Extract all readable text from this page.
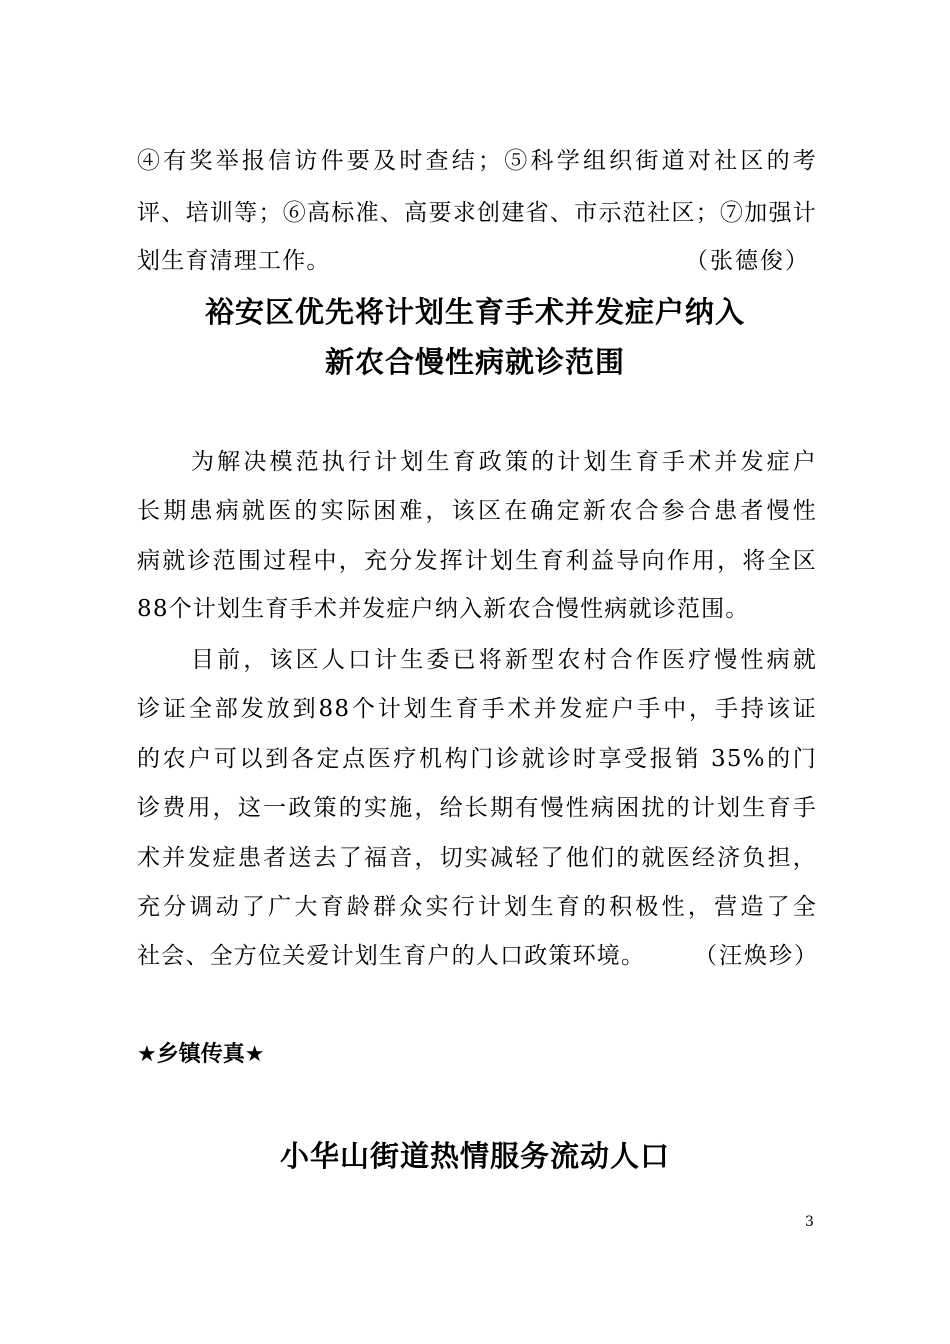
④有奖举报信访件要及时查结；⑤科学组织街道对社区的考
评、培训等；⑥高标准、高要求创建省、市示范社区；⑦加强计
划生育清理工作。	（张德俊）
裕安区优先将计划生育手术并发症户纳入
新农合慢性病就诊范围
为解决模范执行计划生育政策的计划生育手术并发症户
长期患病就医的实际困难，该区在确定新农合参合患者慢性
病就诊范围过程中，充分发挥计划生育利益导向作用，将全区
88个计划生育手术并发症户纳入新农合慢性病就诊范围。
目前，该区人口计生委已将新型农村合作医疗慢性病就
诊证全部发放到88个计划生育手术并发症户手中，手持该证
的农户可以到各定点医疗机构门诊就诊时享受报销 35%的门
诊费用，这一政策的实施，给长期有慢性病困扰的计划生育手
术并发症患者送去了福音，切实减轻了他们的就医经济负担，
充分调动了广大育龄群众实行计划生育的积极性，营造了全
社会、全方位关爱计划生育户的人口政策环境。	（汪焕珍）
★乡镇传真★
小华山街道热情服务流动人口
3
